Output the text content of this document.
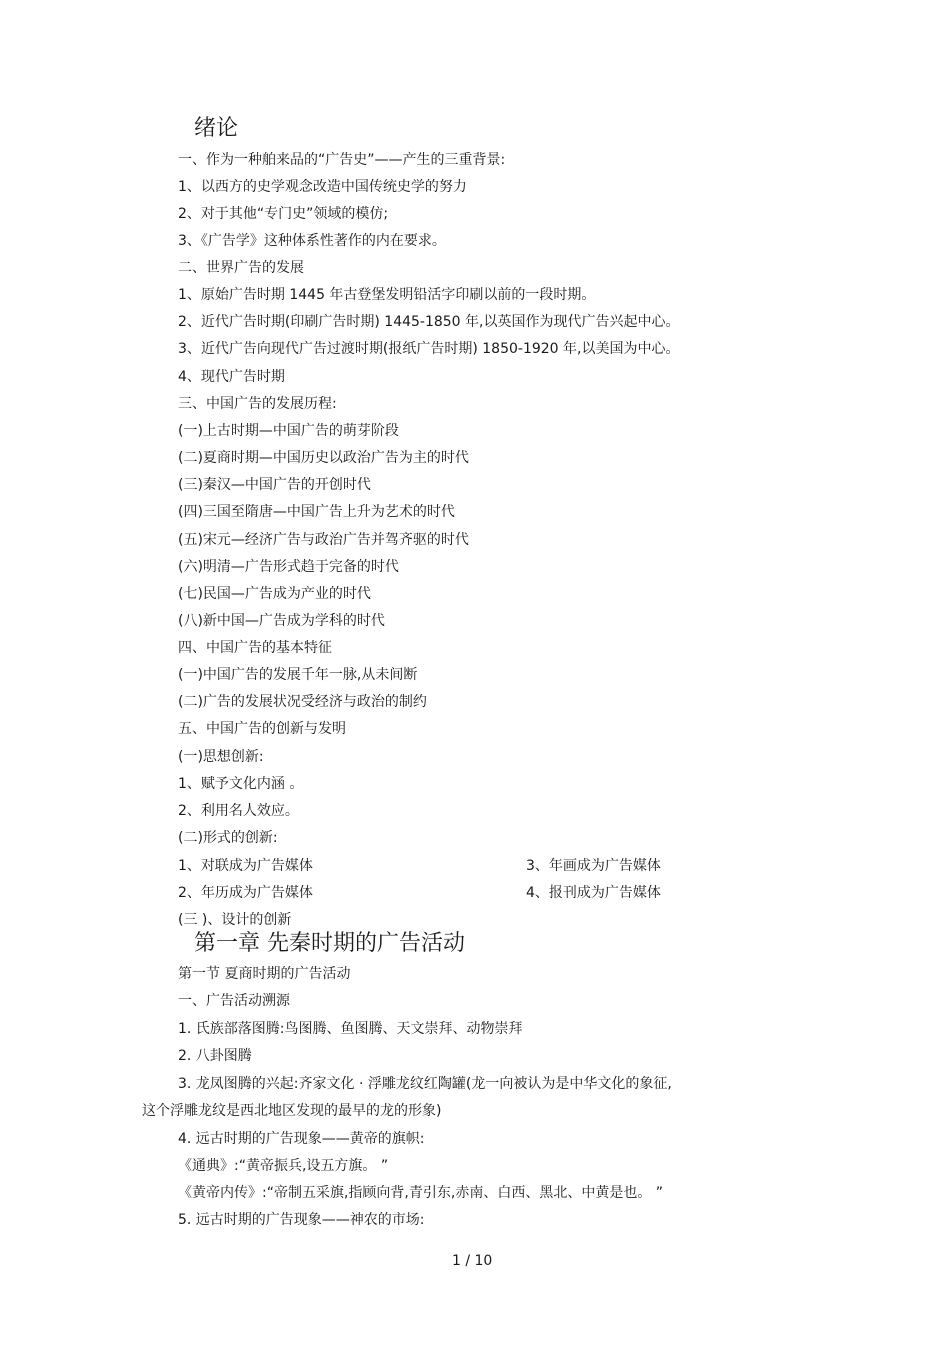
绪论
一、作为一种舶来品的“广告史”——产生的三重背景:
1、以西方的史学观念改造中国传统史学的努力
2、对于其他“专门史”领域的模仿;
3、《广告学》这种体系性著作的内在要求。
二、世界广告的发展
1、原始广告时期 1445 年古登堡发明铅活字印刷以前的一段时期。
2、近代广告时期(印刷广告时期) 1445-1850 年,以英国作为现代广告兴起中心。
3、近代广告向现代广告过渡时期(报纸广告时期) 1850-1920 年,以美国为中心。
4、现代广告时期
三、中国广告的发展历程:
(一)上古时期—中国广告的萌芽阶段
(二)夏商时期—中国历史以政治广告为主的时代
(三)秦汉—中国广告的开创时代
(四)三国至隋唐—中国广告上升为艺术的时代
(五)宋元—经济广告与政治广告并驾齐驱的时代
(六)明清—广告形式趋于完备的时代
(七)民国—广告成为产业的时代
(八)新中国—广告成为学科的时代
四、中国广告的基本特征
(一)中国广告的发展千年一脉,从未间断
(二)广告的发展状况受经济与政治的制约
五、中国广告的创新与发明
(一)思想创新:
1、赋予文化内涵 。
2、利用名人效应。
(二)形式的创新:
1、对联成为广告媒体	3、年画成为广告媒体
2、年历成为广告媒体	4、报刊成为广告媒体
(三 )、设计的创新
第一章 先秦时期的广告活动
第一节 夏商时期的广告活动
一、广告活动溯源
1. 氏族部落图腾:鸟图腾、鱼图腾、天文崇拜、动物崇拜
2. 八卦图腾
3. 龙凤图腾的兴起:齐家文化 · 浮雕龙纹红陶罐(龙一向被认为是中华文化的象征,
这个浮雕龙纹是西北地区发现的最早的龙的形象)
4. 远古时期的广告现象——黄帝的旗帜:
《通典》:“黄帝振兵,设五方旗。 ”
《黄帝内传》:“帝制五采旗,指顾向背,青引东,赤南、白西、黑北、中黄是也。 ”
5. 远古时期的广告现象——神农的市场:
1 / 10
